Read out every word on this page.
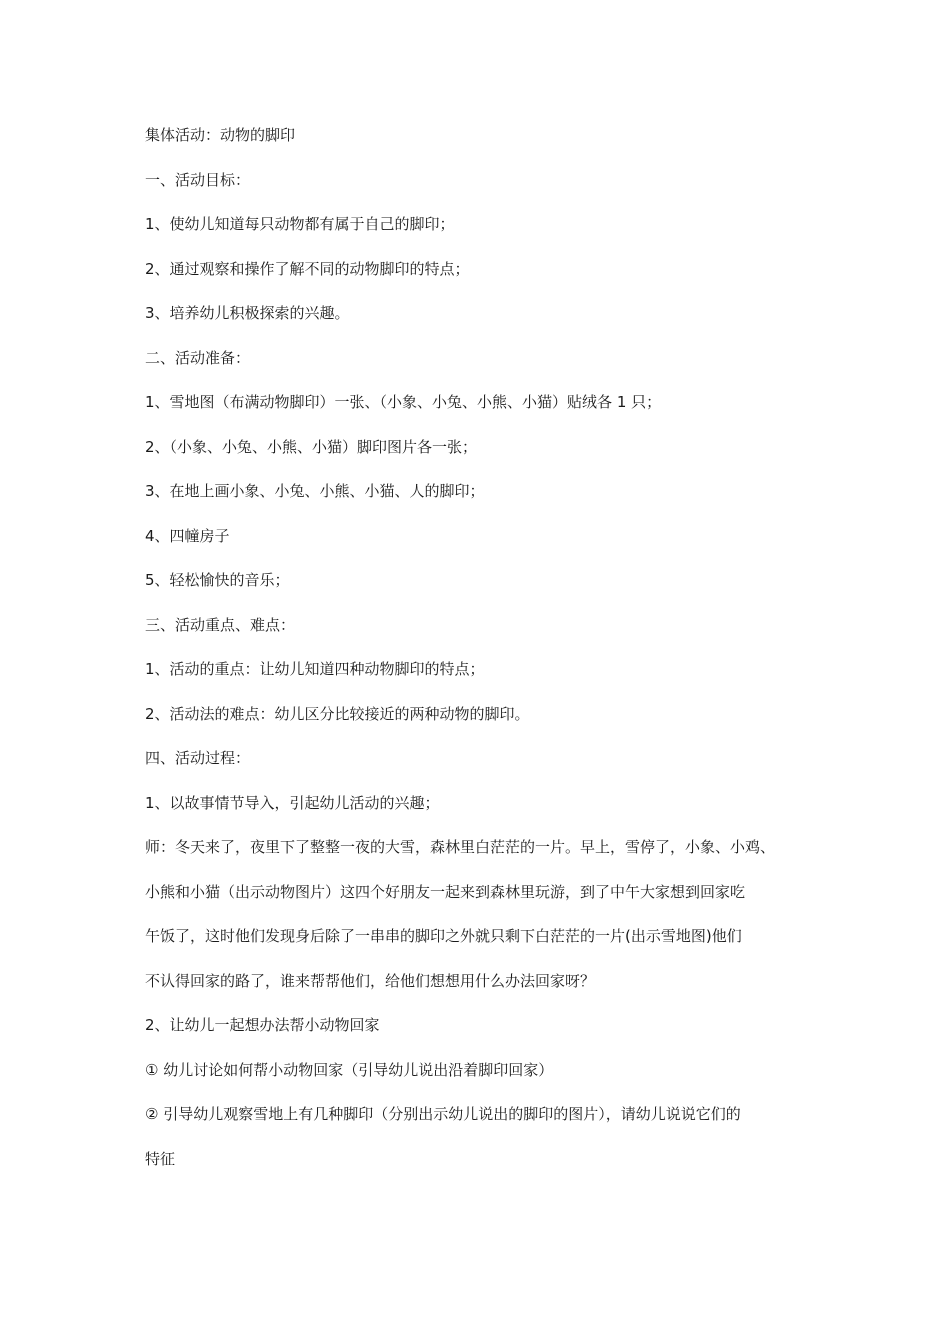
集体活动：动物的脚印
一、活动目标：
1、使幼儿知道每只动物都有属于自己的脚印；
2、通过观察和操作了解不同的动物脚印的特点；
3、培养幼儿积极探索的兴趣。
二、活动准备：
1、雪地图（布满动物脚印）一张、（小象、小兔、小熊、小猫）贴绒各 1 只；
2、（小象、小兔、小熊、小猫）脚印图片各一张；
3、在地上画小象、小兔、小熊、小猫、人的脚印；
4、四幢房子
5、轻松愉快的音乐；
三、活动重点、难点：
1、活动的重点：让幼儿知道四种动物脚印的特点；
2、活动法的难点：幼儿区分比较接近的两种动物的脚印。
四、活动过程：
1、以故事情节导入，引起幼儿活动的兴趣；
师：冬天来了，夜里下了整整一夜的大雪，森林里白茫茫的一片。早上，雪停了，小象、小鸡、
小熊和小猫（出示动物图片）这四个好朋友一起来到森林里玩游，到了中午大家想到回家吃
午饭了，这时他们发现身后除了一串串的脚印之外就只剩下白茫茫的一片(出示雪地图)他们
不认得回家的路了，谁来帮帮他们，给他们想想用什么办法回家呀？
2、让幼儿一起想办法帮小动物回家
① 幼儿讨论如何帮小动物回家（引导幼儿说出沿着脚印回家）
② 引导幼儿观察雪地上有几种脚印（分别出示幼儿说出的脚印的图片），请幼儿说说它们的
特征
